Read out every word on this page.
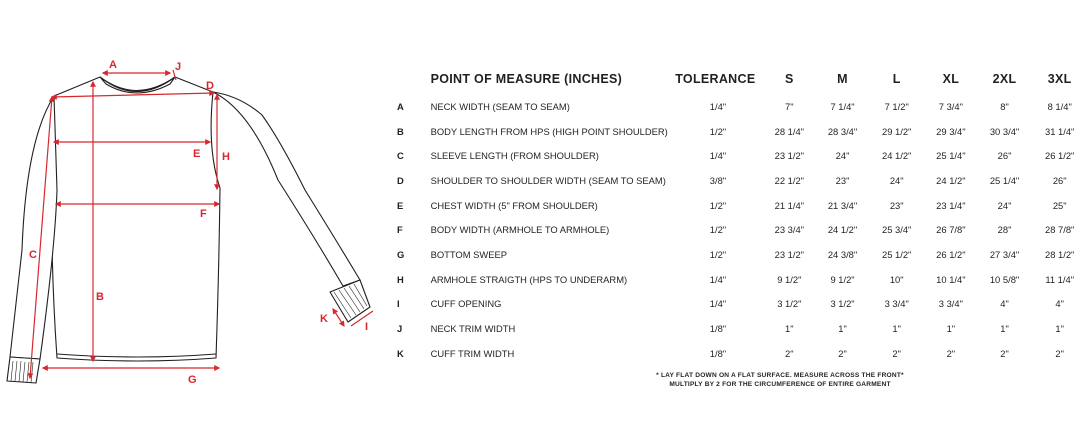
A	J
D
E H
F
C
B
G
K
I
	POINT OF MEASURE (INCHES)	TOLERANCE	S	M	L	XL	2XL	3XL
A	NECK WIDTH (SEAM TO SEAM)	1/4"	7"	7 1/4"	7 1/2"	7 3/4"	8"	8 1/4"
B	BODY LENGTH FROM HPS (HIGH POINT SHOULDER)	1/2"	28 1/4"	28 3/4"	29 1/2"	29 3/4"	30 3/4"	31 1/4"
C	SLEEVE LENGTH (FROM SHOULDER)	1/4"	23 1/2"	24"	24 1/2"	25 1/4"	26"	26 1/2"
D	SHOULDER TO SHOULDER WIDTH (SEAM TO SEAM)	3/8"	22 1/2"	23"	24"	24 1/2"	25 1/4"	26"
E	CHEST WIDTH (5" FROM SHOULDER)	1/2"	21 1/4"	21 3/4"	23"	23 1/4"	24"	25"
F	BODY WIDTH (ARMHOLE TO ARMHOLE)	1/2"	23 3/4"	24 1/2"	25 3/4"	26 7/8"	28"	28 7/8"
G	BOTTOM SWEEP	1/2"	23 1/2"	24 3/8"	25 1/2"	26 1/2"	27 3/4"	28 1/2"
H	ARMHOLE STRAIGTH (HPS TO UNDERARM)	1/4"	9 1/2"	9 1/2"	10"	10 1/4"	10 5/8"	11 1/4"
I	CUFF OPENING	1/4"	3 1/2"	3 1/2"	3 3/4"	3 3/4"	4"	4"
J	NECK TRIM WIDTH	1/8"	1"	1"	1"	1"	1"	1"
K	CUFF TRIM WIDTH	1/8"	2"	2"	2"	2"	2"	2"
* LAY FLAT DOWN ON A FLAT SURFACE. MEASURE ACROSS THE FRONT*
MULTIPLY BY 2 FOR THE CIRCUMFERENCE OF ENTIRE GARMENT
